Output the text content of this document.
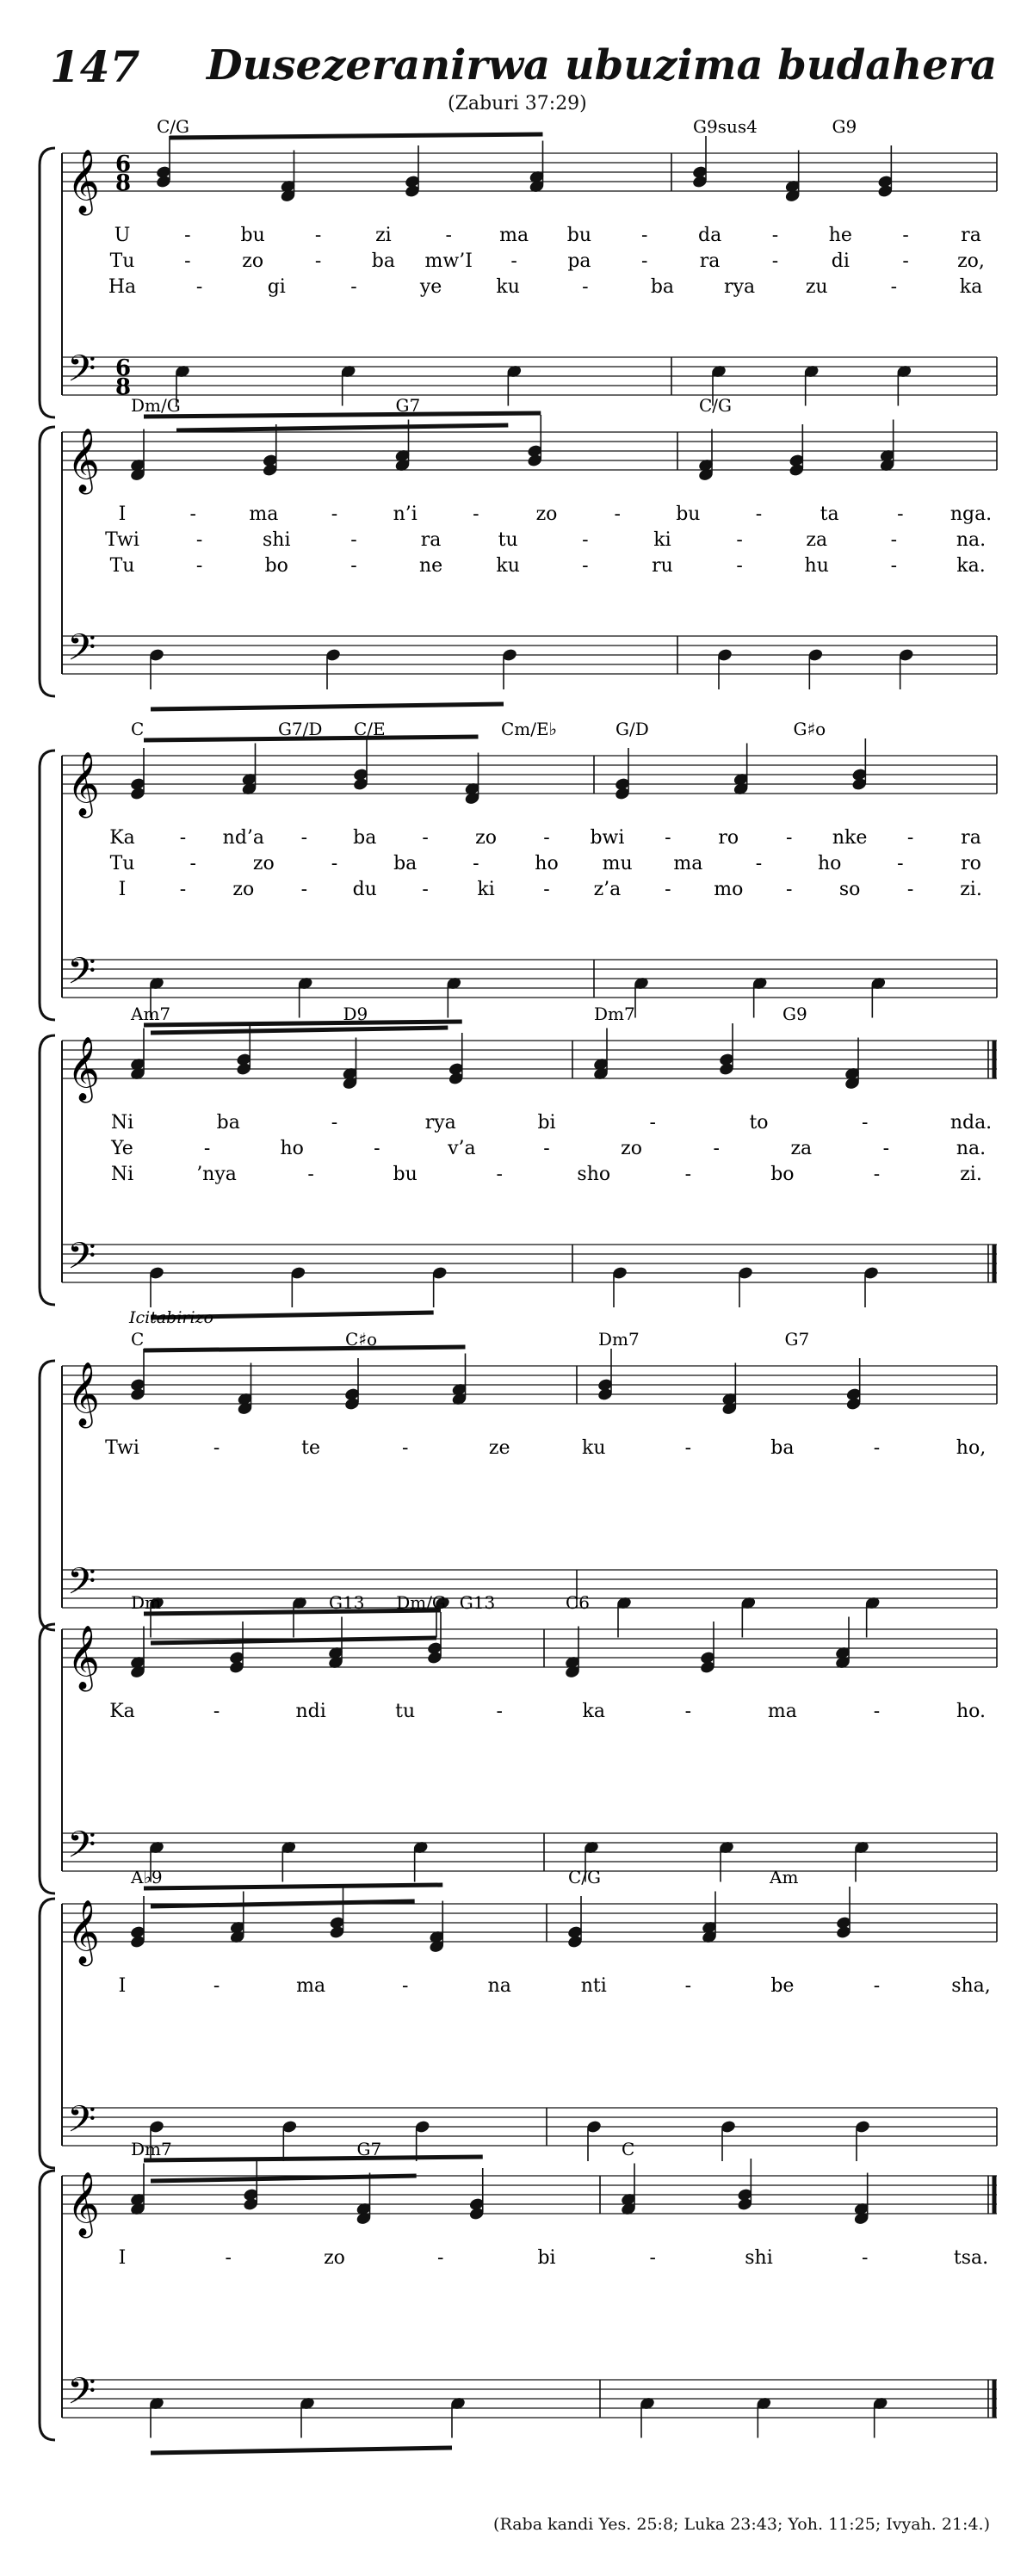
147 Dusezeranirwa ubuzima budahera
(Zaburi 37:29)
𝄞
𝄢
6
8
6
8
C/G	G9sus4	G9
U	-	bu	-	zi	-	ma bu	-	da	-	he	-	ra
Tu	-	zo	-	ba mw’I -	pa	-	ra	-	di	-	zo,
Ha	-	gi	-	ye	ku	-	ba	rya	zu	-	ka
𝄞
𝄢
Dm/G	G7	C/G
I	-	ma	-	n’i	-	zo	-	bu	-	ta	- nga.
Twi	-	shi	-	ra	tu	-	ki	-	za	-	na.
Tu	-	bo	-	ne	ku	-	ru	-	hu	-	ka.
𝄞
𝄢
C	G7/D C/E	Cm/E♭	G/D	G♯o
Ka - nd’a - ba - zo - bwi - ro - nke - ra
Tu	-	zo	-	ba	-	ho mu ma	-	ho	-	ro
I	- zo - du -	ki	- z’a - mo - so - zi.
𝄞
𝄢
Am7	D9	Dm7	G9
Ni	ba	-	rya	bi	-	to	-	nda.
Ye	-	ho	-	v’a	-	zo	-	za	-	na.
Ni	’nya	-	bu	-	sho	-	bo	-	zi.
𝄞
𝄢
C	C♯o	Dm7	G7
Icitabirizo
Twi	-	te	-	ze	ku	-	ba	-	ho,
𝄞
𝄢
Dm	G13 Dm/G G13	C6
Ka	-	ndi	tu	-	ka	-	ma	-	ho.
𝄞
𝄢
A♭9	C/G	Am
I	-	ma	-	na	nti	-	be	-	sha,
𝄞
𝄢
Dm7	G7	C
I	-	zo	-	bi	-	shi	-	tsa.
(Raba kandi Yes. 25:8; Luka 23:43; Yoh. 11:25; Ivyah. 21:4.)
